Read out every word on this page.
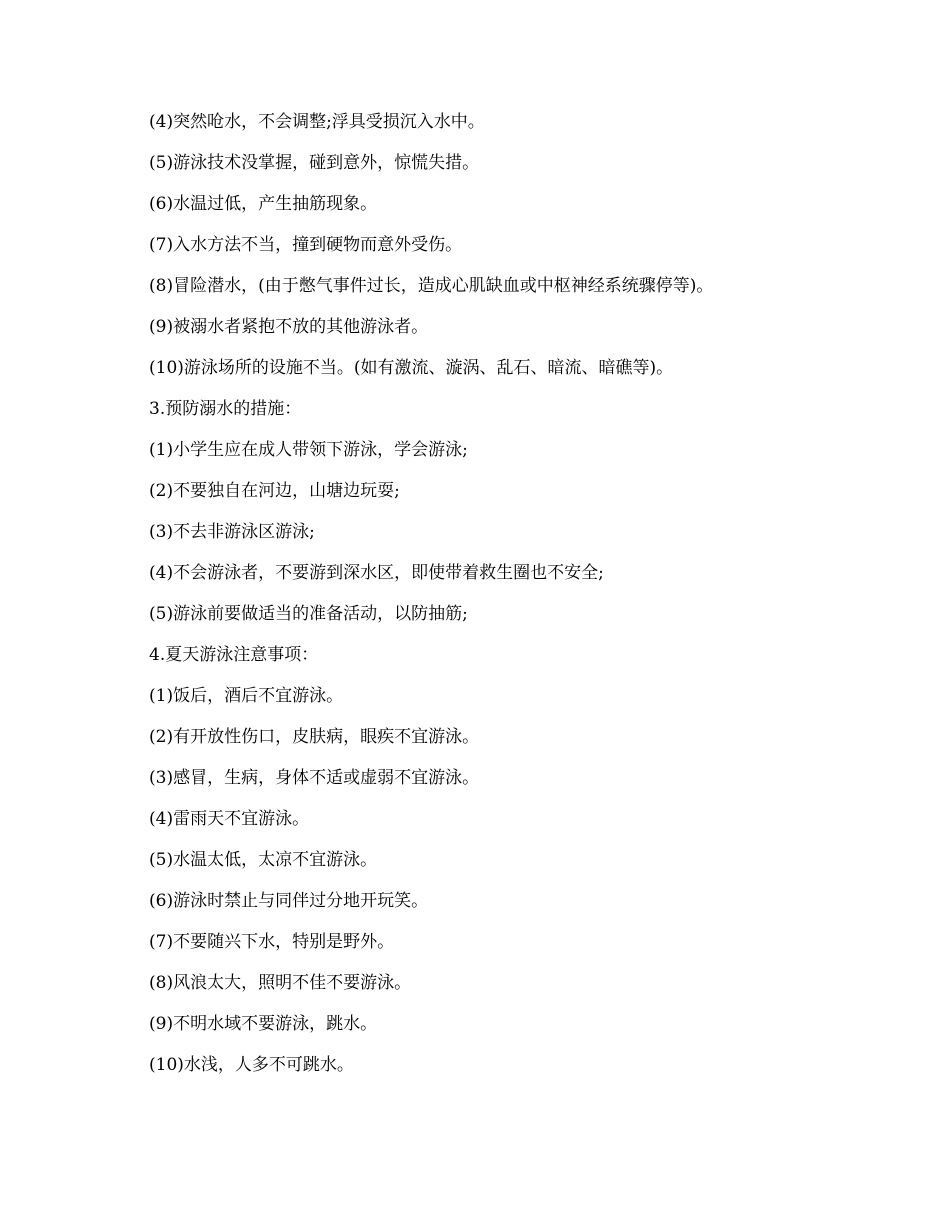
(4)突然呛水，不会调整;浮具受损沉入水中。

(5)游泳技术没掌握，碰到意外，惊慌失措。

(6)水温过低，产生抽筋现象。

(7)入水方法不当，撞到硬物而意外受伤。

(8)冒险潜水，(由于憋气事件过长，造成心肌缺血或中枢神经系统骤停等)。

(9)被溺水者紧抱不放的其他游泳者。

(10)游泳场所的设施不当。(如有激流、漩涡、乱石、暗流、暗礁等)。

3.预防溺水的措施：

(1)小学生应在成人带领下游泳，学会游泳;

(2)不要独自在河边，山塘边玩耍;

(3)不去非游泳区游泳;

(4)不会游泳者，不要游到深水区，即使带着救生圈也不安全;

(5)游泳前要做适当的准备活动，以防抽筋;

4.夏天游泳注意事项：

(1)饭后，酒后不宜游泳。

(2)有开放性伤口，皮肤病，眼疾不宜游泳。

(3)感冒，生病，身体不适或虚弱不宜游泳。

(4)雷雨天不宜游泳。

(5)水温太低，太凉不宜游泳。

(6)游泳时禁止与同伴过分地开玩笑。

(7)不要随兴下水，特别是野外。

(8)风浪太大，照明不佳不要游泳。

(9)不明水域不要游泳，跳水。

(10)水浅，人多不可跳水。
